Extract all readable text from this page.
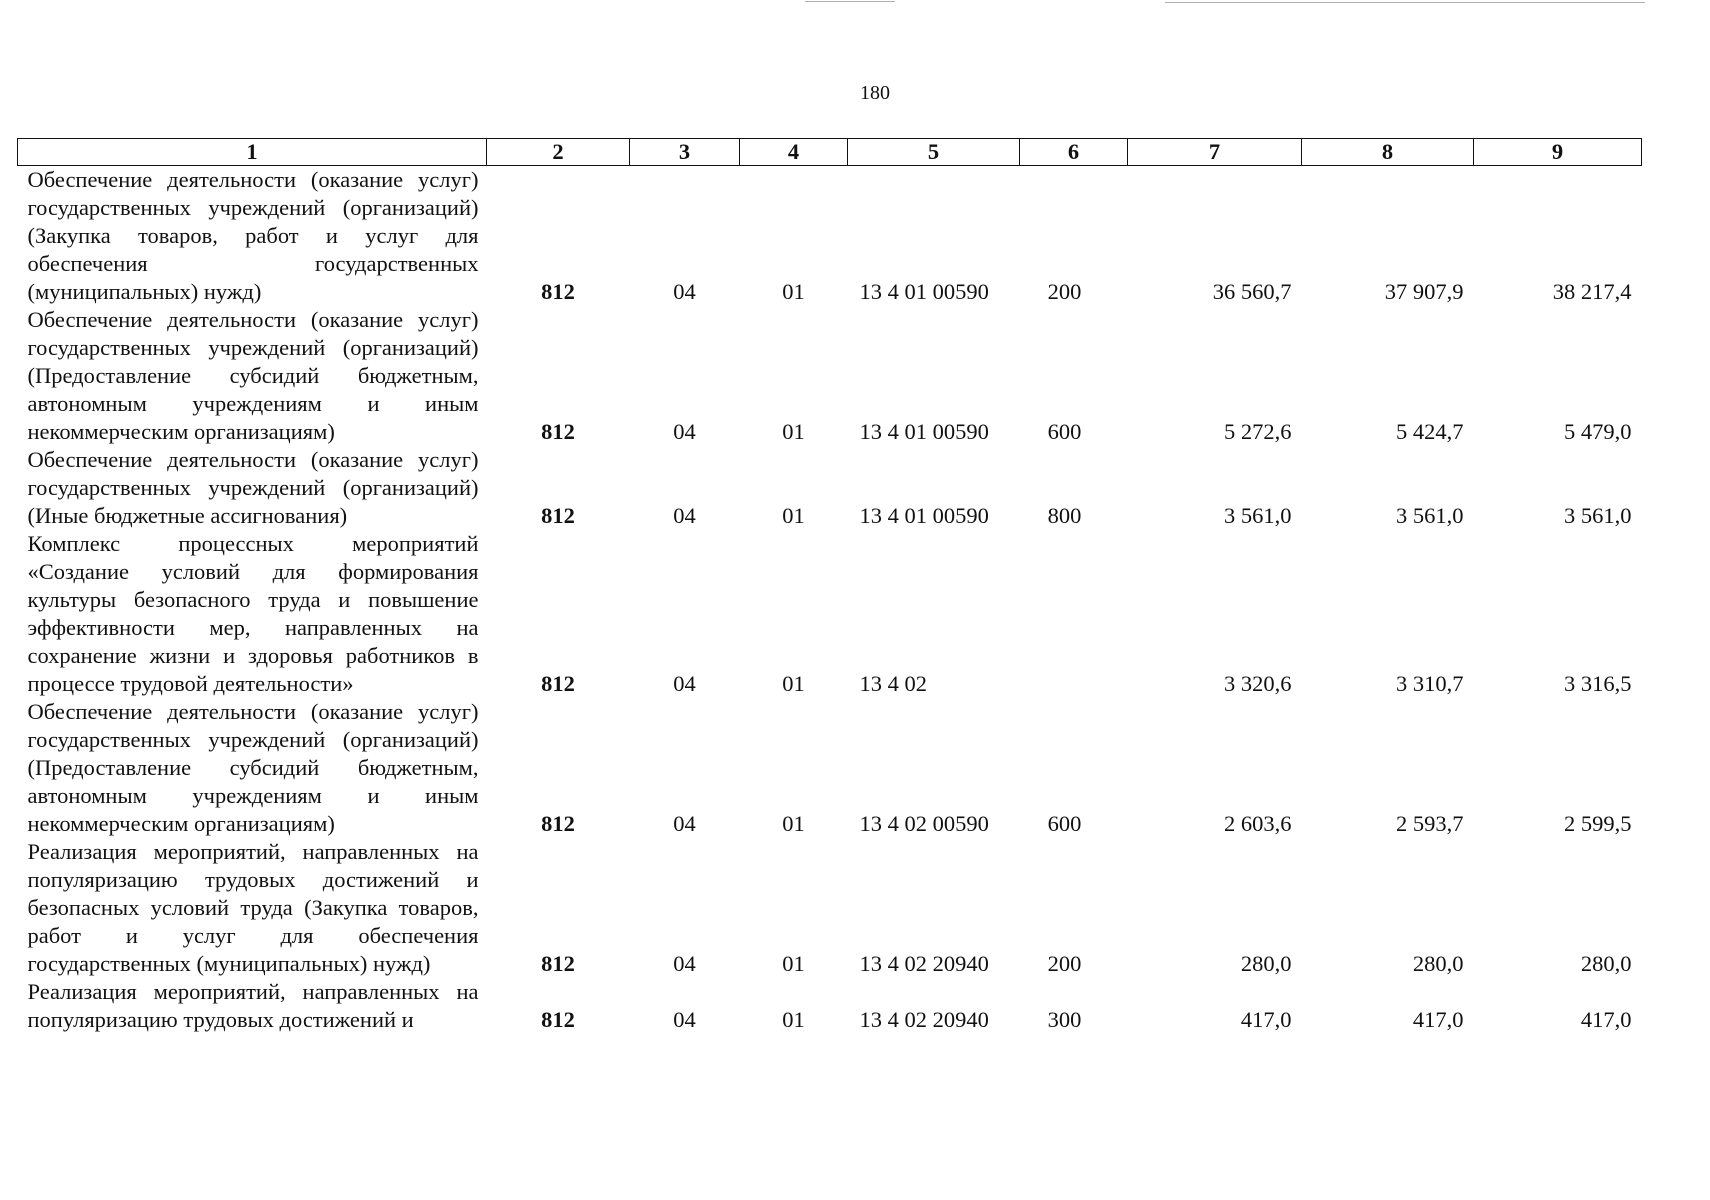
180
1	2	3	4	5	6	7	8	9
Обеспечение деятельности (оказание услуг) государственных учреждений (организаций) (Закупка товаров, работ и услуг для обеспечения государственных (муниципальных) нужд)	812	04	01	13 4 01 00590	200	36 560,7	37 907,9	38 217,4
Обеспечение деятельности (оказание услуг) государственных учреждений (организаций) (Предоставление субсидий бюджетным, автономным учреждениям и иным некоммерческим организациям)	812	04	01	13 4 01 00590	600	5 272,6	5 424,7	5 479,0
Обеспечение деятельности (оказание услуг) государственных учреждений (организаций) (Иные бюджетные ассигнования)	812	04	01	13 4 01 00590	800	3 561,0	3 561,0	3 561,0
Комплекс процессных мероприятий «Создание условий для формирования культуры безопасного труда и повышение эффективности мер, направленных на сохранение жизни и здоровья работников в процессе трудовой деятельности»	812	04	01	13 4 02		3 320,6	3 310,7	3 316,5
Обеспечение деятельности (оказание услуг) государственных учреждений (организаций) (Предоставление субсидий бюджетным, автономным учреждениям и иным некоммерческим организациям)	812	04	01	13 4 02 00590	600	2 603,6	2 593,7	2 599,5
Реализация мероприятий, направленных на популяризацию трудовых достижений и безопасных условий труда (Закупка товаров, работ и услуг для обеспечения государственных (муниципальных) нужд)	812	04	01	13 4 02 20940	200	280,0	280,0	280,0
Реализация мероприятий, направленных на популяризацию трудовых достижений и	812	04	01	13 4 02 20940	300	417,0	417,0	417,0
